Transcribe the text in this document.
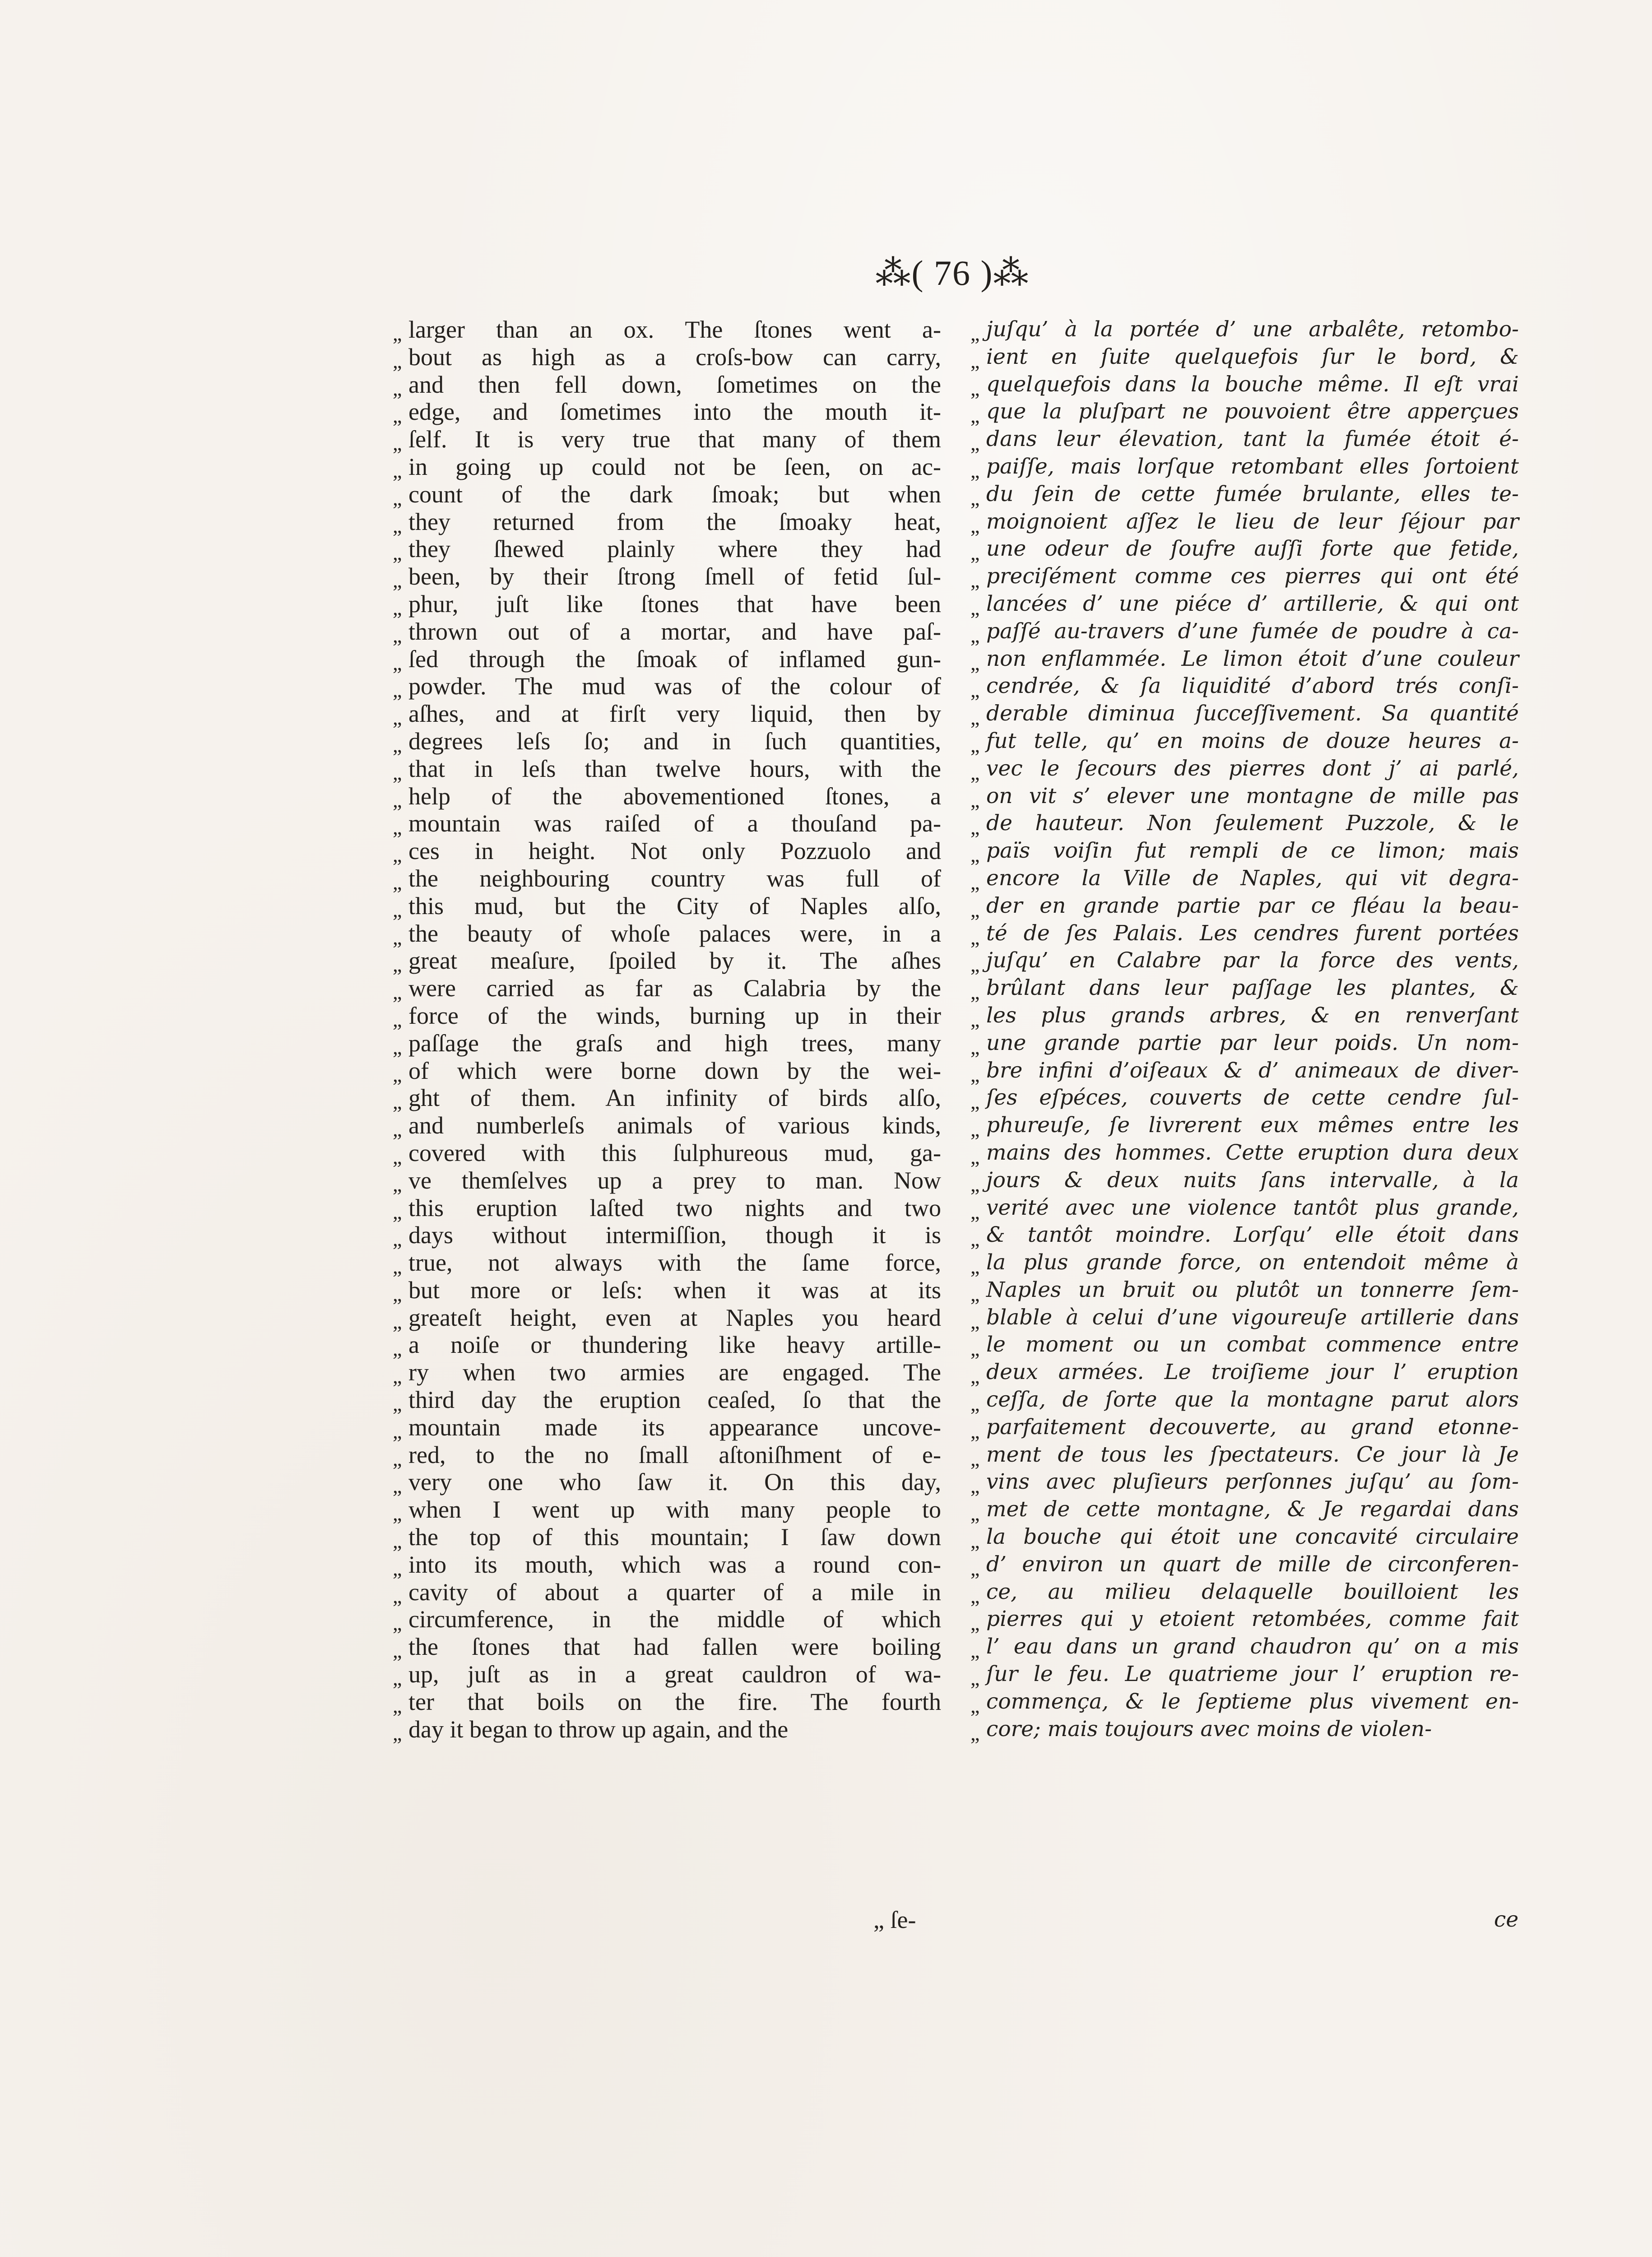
⁂( 76 )⁂
„ larger than an ox. The ſtones went a-
„ bout as high as a croſs-bow can carry,
„ and then fell down, ſometimes on the
„ edge, and ſometimes into the mouth it-
„ ſelf. It is very true that many of them
„ in going up could not be ſeen, on ac-
„ count of the dark ſmoak; but when
„ they returned from the ſmoaky heat,
„ they ſhewed plainly where they had
„ been, by their ſtrong ſmell of fetid ſul-
„ phur, juſt like ſtones that have been
„ thrown out of a mortar, and have paſ-
„ ſed through the ſmoak of inflamed gun-
„ powder. The mud was of the colour of
„ aſhes, and at firſt very liquid, then by
„ degrees leſs ſo; and in ſuch quantities,
„ that in leſs than twelve hours, with the
„ help of the abovementioned ſtones, a
„ mountain was raiſed of a thouſand pa-
„ ces in height. Not only Pozzuolo and
„ the neighbouring country was full of
„ this mud, but the City of Naples alſo,
„ the beauty of whoſe palaces were, in a
„ great meaſure, ſpoiled by it. The aſhes
„ were carried as far as Calabria by the
„ force of the winds, burning up in their
„ paſſage the graſs and high trees, many
„ of which were borne down by the wei-
„ ght of them. An infinity of birds alſo,
„ and numberleſs animals of various kinds,
„ covered with this ſulphureous mud, ga-
„ ve themſelves up a prey to man. Now
„ this eruption laſted two nights and two
„ days without intermiſſion, though it is
„ true, not always with the ſame force,
„ but more or leſs: when it was at its
„ greateſt height, even at Naples you heard
„ a noiſe or thundering like heavy artille-
„ ry when two armies are engaged. The
„ third day the eruption ceaſed, ſo that the
„ mountain made its appearance uncove-
„ red, to the no ſmall aſtoniſhment of e-
„ very one who ſaw it. On this day,
„ when I went up with many people to
„ the top of this mountain; I ſaw down
„ into its mouth, which was a round con-
„ cavity of about a quarter of a mile in
„ circumference, in the middle of which
„ the ſtones that had fallen were boiling
„ up, juſt as in a great cauldron of wa-
„ ter that boils on the fire. The fourth
„ day it began to throw up again, and the
„ juſqu’ à la portée d’ une arbalête, retombo-
„ ient en ſuite quelquefois ſur le bord, &
„ quelquefois dans la bouche même. Il eſt vrai
„ que la pluſpart ne pouvoient être apperçues
„ dans leur élevation, tant la fumée étoit é-
„ paiſſe, mais lorſque retombant elles ſortoient
„ du ſein de cette fumée brulante, elles te-
„ moignoient aſſez le lieu de leur ſéjour par
„ une odeur de ſoufre auſſi forte que fetide,
„ preciſément comme ces pierres qui ont été
„ lancées d’ une piéce d’ artillerie, & qui ont
„ paſſé au-travers d’une fumée de poudre à ca-
„ non enflammée. Le limon étoit d’une couleur
„ cendrée, & ſa liquidité d’abord trés conſi-
„ derable diminua ſucceſſivement. Sa quantité
„ fut telle, qu’ en moins de douze heures a-
„ vec le ſecours des pierres dont j’ ai parlé,
„ on vit s’ elever une montagne de mille pas
„ de hauteur. Non ſeulement Puzzole, & le
„ païs voiſin fut rempli de ce limon; mais
„ encore la Ville de Naples, qui vit degra-
„ der en grande partie par ce fléau la beau-
„ té de ſes Palais. Les cendres furent portées
„ juſqu’ en Calabre par la force des vents,
„ brûlant dans leur paſſage les plantes, &
„ les plus grands arbres, & en renverſant
„ une grande partie par leur poids. Un nom-
„ bre infini d’oiſeaux & d’ animeaux de diver-
„ ſes eſpéces, couverts de cette cendre ſul-
„ phureuſe, ſe livrerent eux mêmes entre les
„ mains des hommes. Cette eruption dura deux
„ jours & deux nuits ſans intervalle, à la
„ verité avec une violence tantôt plus grande,
„ & tantôt moindre. Lorſqu’ elle étoit dans
„ la plus grande force, on entendoit même à
„ Naples un bruit ou plutôt un tonnerre ſem-
„ blable à celui d’une vigoureuſe artillerie dans
„ le moment ou un combat commence entre
„ deux armées. Le troiſieme jour l’ eruption
„ ceſſa, de ſorte que la montagne parut alors
„ parfaitement decouverte, au grand etonne-
„ ment de tous les ſpectateurs. Ce jour là Je
„ vins avec pluſieurs perſonnes juſqu’ au ſom-
„ met de cette montagne, & Je regardai dans
„ la bouche qui étoit une concavité circulaire
„ d’ environ un quart de mille de circonferen-
„ ce, au milieu delaquelle bouilloient les
„ pierres qui y etoient retombées, comme fait
„ l’ eau dans un grand chaudron qu’ on a mis
„ ſur le feu. Le quatrieme jour l’ eruption re-
„ commença, & le ſeptieme plus vivement en-
„ core; mais toujours avec moins de violen-
„ ſe-	ce
